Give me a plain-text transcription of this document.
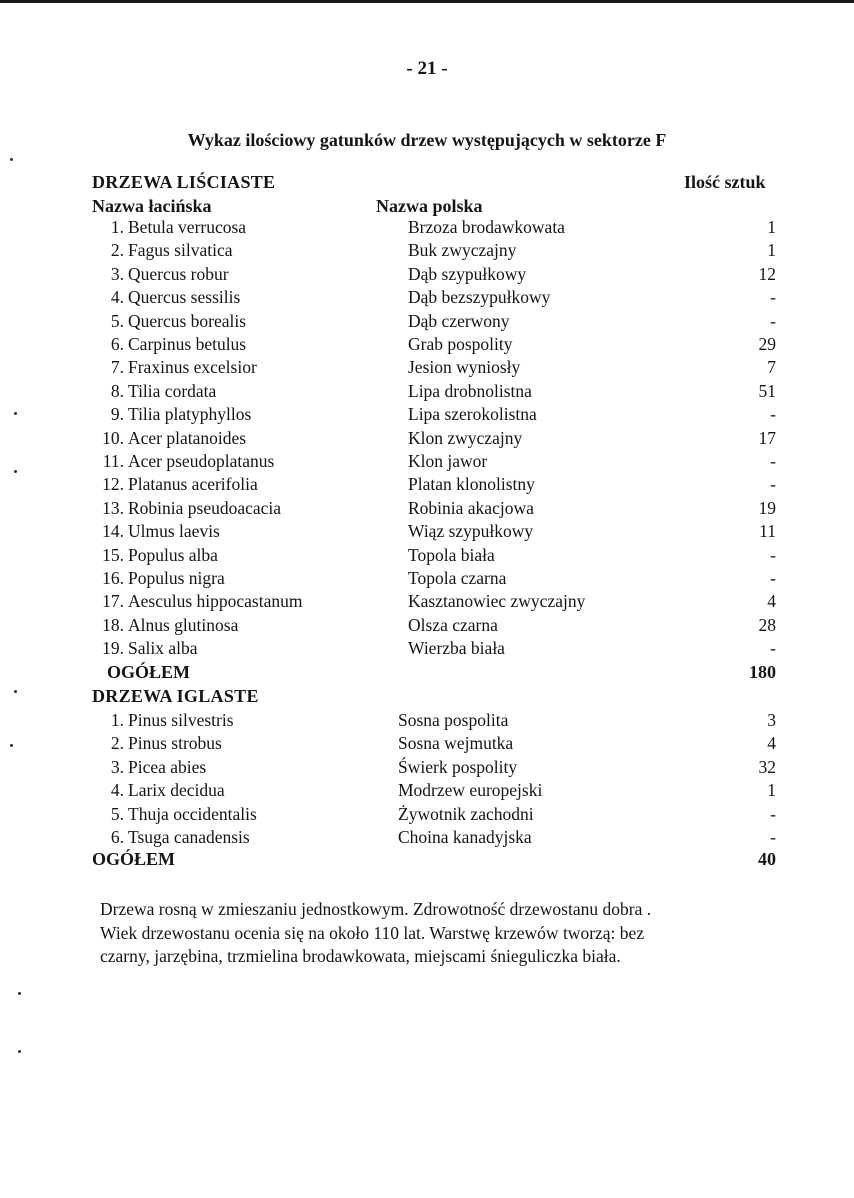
- 21 -
Wykaz ilościowy gatunków drzew występujących w sektorze F
DRZEWA LIŚCIASTE	Ilość sztuk
Nazwa łacińska	Nazwa polska
1. Betula verrucosa	Brzoza brodawkowata	1
2. Fagus silvatica	Buk zwyczajny	1
3. Quercus robur	Dąb szypułkowy	12
4. Quercus sessilis	Dąb bezszypułkowy	-
5. Quercus borealis	Dąb czerwony	-
6. Carpinus betulus	Grab pospolity	29
7. Fraxinus excelsior	Jesion wyniosły	7
8. Tilia cordata	Lipa drobnolistna	51
9. Tilia platyphyllos	Lipa szerokolistna	-
10. Acer platanoides	Klon zwyczajny	17
11. Acer pseudoplatanus	Klon jawor	-
12. Platanus acerifolia	Platan klonolistny	-
13. Robinia pseudoacacia	Robinia akacjowa	19
14. Ulmus laevis	Wiąz szypułkowy	11
15. Populus alba	Topola biała	-
16. Populus nigra	Topola czarna	-
17. Aesculus hippocastanum	Kasztanowiec zwyczajny	4
18. Alnus glutinosa	Olsza czarna	28
19. Salix alba	Wierzba biała	-
OGÓŁEM	180
DRZEWA IGLASTE
1. Pinus silvestris	Sosna pospolita	3
2. Pinus strobus	Sosna wejmutka	4
3. Picea abies	Świerk pospolity	32
4. Larix decidua	Modrzew europejski	1
5. Thuja occidentalis	Żywotnik zachodni	-
6. Tsuga canadensis	Choina kanadyjska	-
OGÓŁEM	40
Drzewa rosną w zmieszaniu jednostkowym. Zdrowotność drzewostanu dobra .
Wiek drzewostanu ocenia się na około 110 lat. Warstwę krzewów tworzą: bez
czarny, jarzębina, trzmielina brodawkowata, miejscami śnieguliczka biała.
